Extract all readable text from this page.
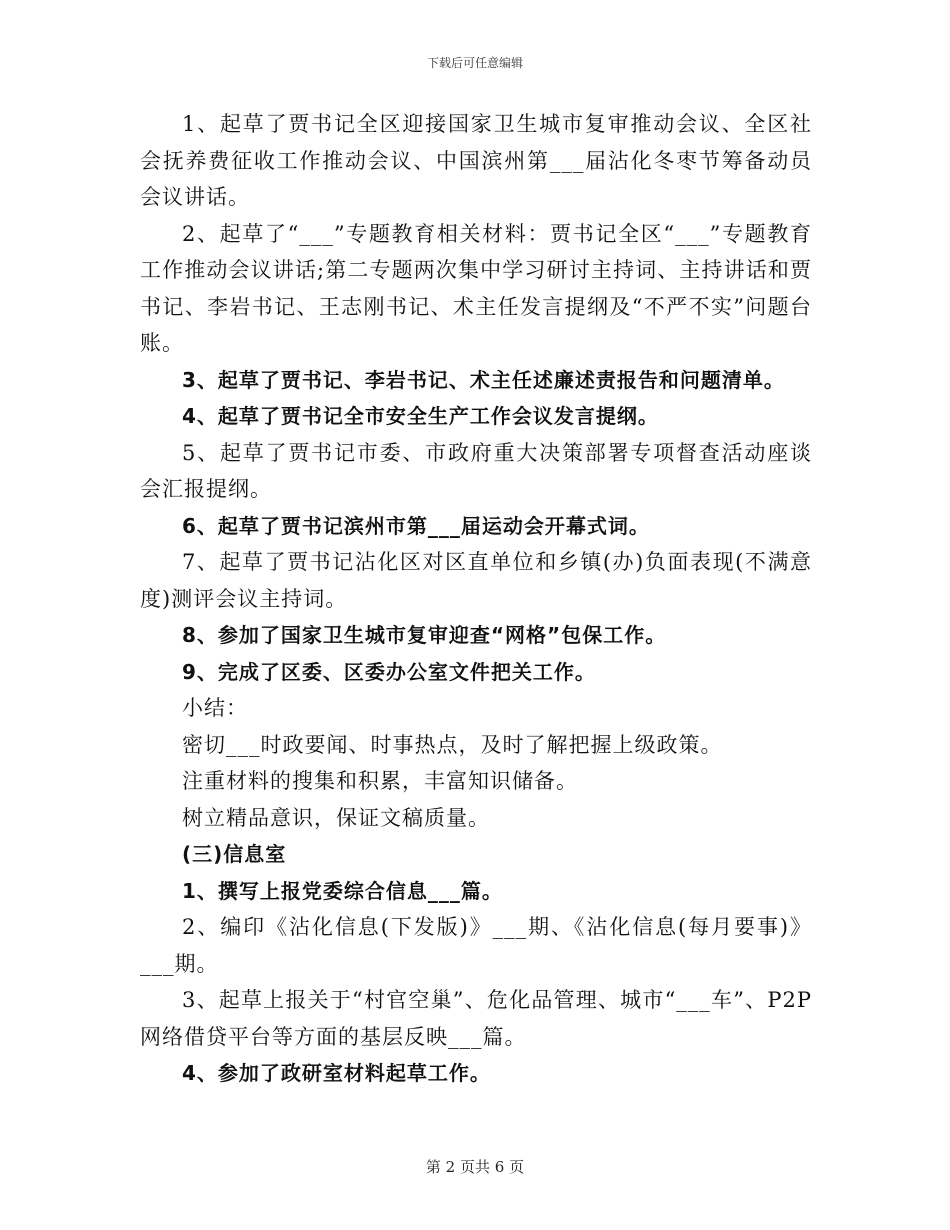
下载后可任意编辑

1、起草了贾书记全区迎接国家卫生城市复审推动会议、全区社会抚养费征收工作推动会议、中国滨州第___届沾化冬枣节筹备动员会议讲话。

2、起草了“___”专题教育相关材料：贾书记全区“___”专题教育工作推动会议讲话;第二专题两次集中学习研讨主持词、主持讲话和贾书记、李岩书记、王志刚书记、术主任发言提纲及“不严不实”问题台账。

3、起草了贾书记、李岩书记、术主任述廉述责报告和问题清单。

4、起草了贾书记全市安全生产工作会议发言提纲。

5、起草了贾书记市委、市政府重大决策部署专项督查活动座谈会汇报提纲。

6、起草了贾书记滨州市第___届运动会开幕式词。

7、起草了贾书记沾化区对区直单位和乡镇(办)负面表现(不满意度)测评会议主持词。

8、参加了国家卫生城市复审迎查“网格”包保工作。

9、完成了区委、区委办公室文件把关工作。

小结：

密切___时政要闻、时事热点，及时了解把握上级政策。

注重材料的搜集和积累，丰富知识储备。

树立精品意识，保证文稿质量。

(三)信息室

1、撰写上报党委综合信息___篇。

2、编印《沾化信息(下发版)》___期、《沾化信息(每月要事)》___期。

3、起草上报关于“村官空巢”、危化品管理、城市“___车”、P2P网络借贷平台等方面的基层反映___篇。

4、参加了政研室材料起草工作。

第 2 页共 6 页
